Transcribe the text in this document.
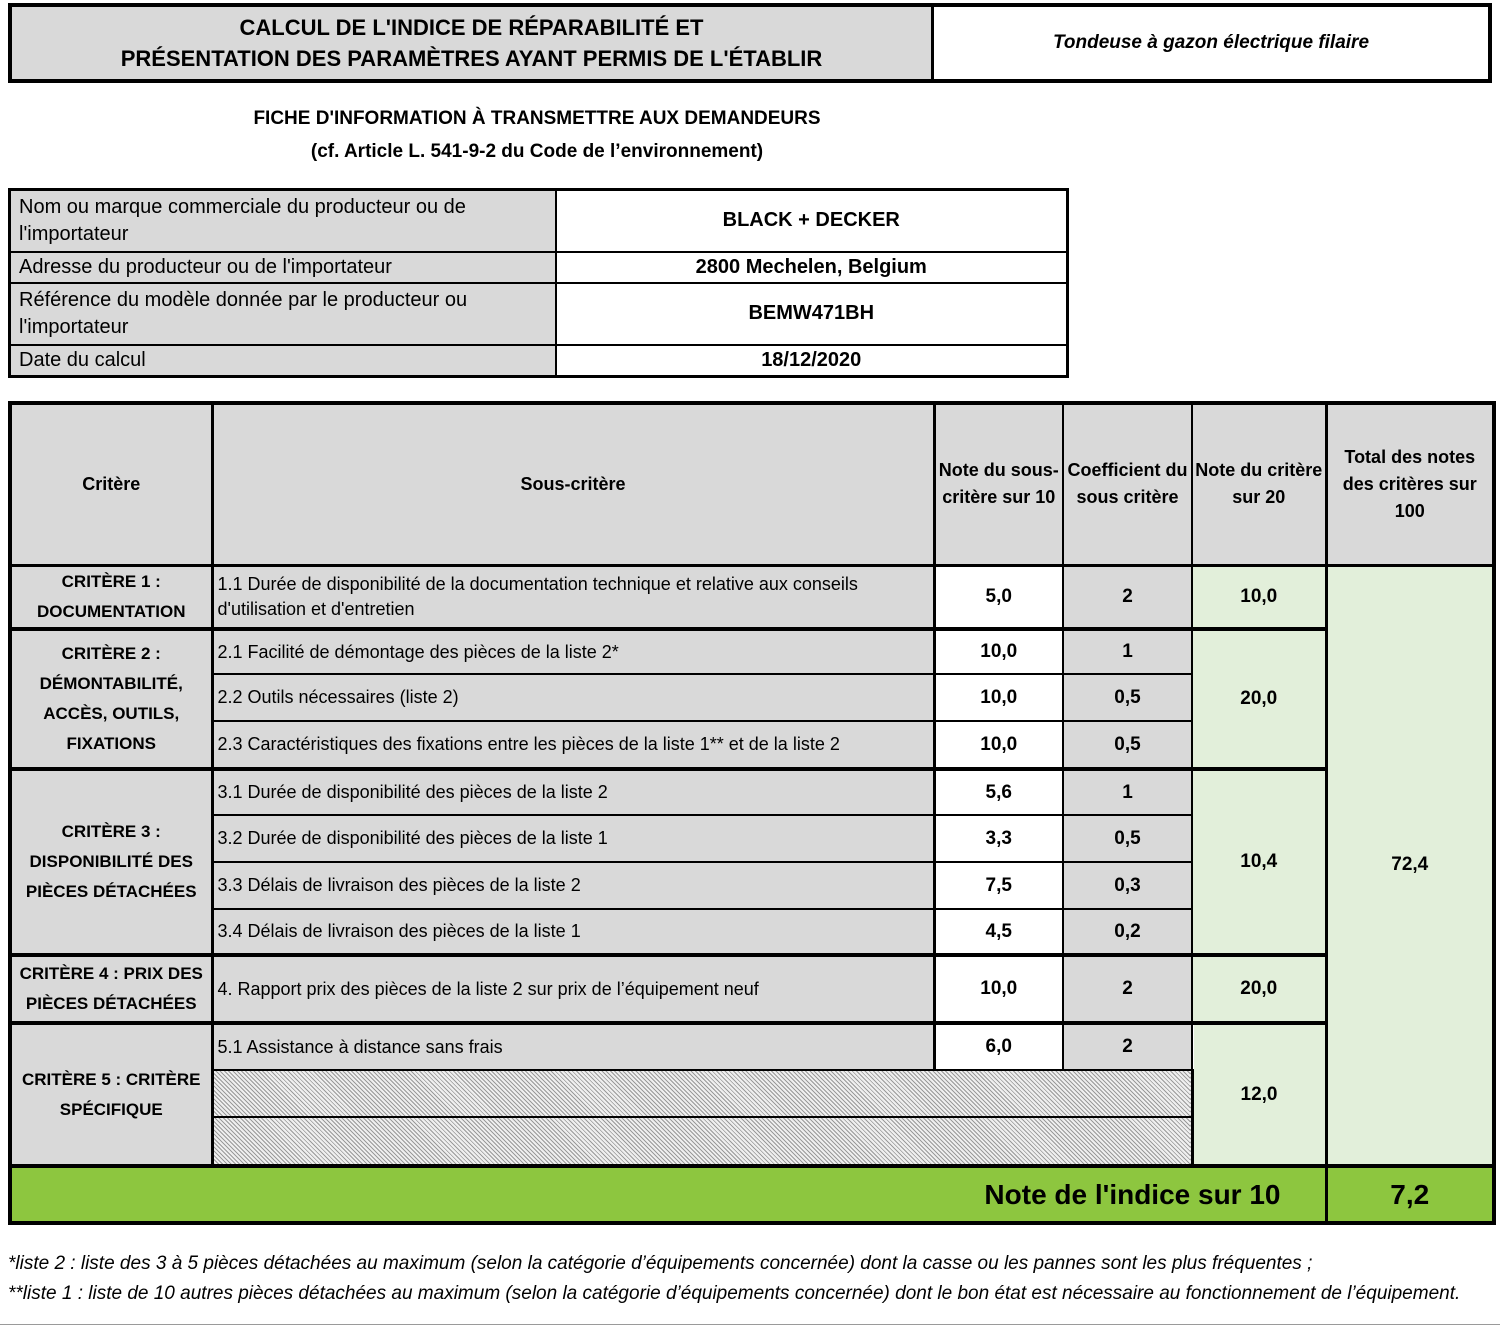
CALCUL DE L'INDICE DE RÉPARABILITÉ ET
PRÉSENTATION DES PARAMÈTRES AYANT PERMIS DE L'ÉTABLIR
Tondeuse à gazon électrique filaire
FICHE D'INFORMATION À TRANSMETTRE AUX DEMANDEURS
(cf. Article L. 541-9-2 du Code de l’environnement)
Nom ou marque commerciale du producteur ou de l'importateur	BLACK + DECKER
Adresse du producteur ou de l'importateur	2800 Mechelen, Belgium
Référence du modèle donnée par le producteur ou l'importateur	BEMW471BH
Date du calcul	18/12/2020
Critère	Sous-critère	Note du sous-critère sur 10	Coefficient du sous critère	Note du critère sur 20	Total des notes des critères sur 100
CRITÈRE 1 : DOCUMENTATION	1.1 Durée de disponibilité de la documentation technique et relative aux conseils d'utilisation et d'entretien	5,0	2	10,0	72,4
CRITÈRE 2 : DÉMONTABILITÉ, ACCÈS, OUTILS, FIXATIONS	2.1 Facilité de démontage des pièces de la liste 2*	10,0	1	20,0	
	2.2 Outils nécessaires (liste 2)	10,0	0,5		
	2.3 Caractéristiques des fixations entre les pièces de la liste 1** et de la liste 2	10,0	0,5		
CRITÈRE 3 : DISPONIBILITÉ DES PIÈCES DÉTACHÉES	3.1 Durée de disponibilité des pièces de la liste 2	5,6	1	10,4	
	3.2 Durée de disponibilité des pièces de la liste 1	3,3	0,5		
	3.3 Délais de livraison des pièces de la liste 2	7,5	0,3		
	3.4 Délais de livraison des pièces de la liste 1	4,5	0,2		
CRITÈRE 4 : PRIX DES PIÈCES DÉTACHÉES	4. Rapport prix des pièces de la liste 2 sur prix de l’équipement neuf	10,0	2	20,0	
CRITÈRE 5 : CRITÈRE SPÉCIFIQUE	5.1 Assistance à distance sans frais	6,0	2	12,0	

Note de l'indice sur 10					7,2

*liste 2 : liste des 3 à 5 pièces détachées au maximum (selon la catégorie d’équipements concernée) dont la casse ou les pannes sont les plus fréquentes ;

**liste 1 : liste de 10 autres pièces détachées au maximum (selon la catégorie d’équipements concernée) dont le bon état est nécessaire au fonctionnement de l’équipement.
